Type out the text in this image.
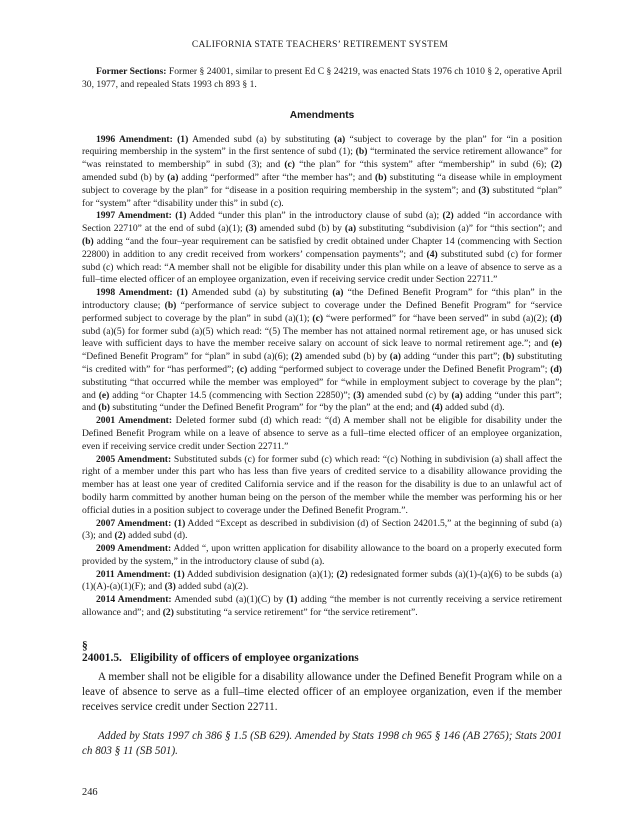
CALIFORNIA STATE TEACHERS’ RETIREMENT SYSTEM

Former Sections: Former § 24001, similar to present Ed C § 24219, was enacted Stats 1976 ch 1010 § 2, operative April 30, 1977, and repealed Stats 1993 ch 893 § 1.

Amendments

1996 Amendment: (1) Amended subd (a) by substituting (a) “subject to coverage by the plan” for “in a position requiring membership in the system” in the first sentence of subd (1); (b) “terminated the service retirement allowance” for “was reinstated to membership” in subd (3); and (c) “the plan” for “this system” after “membership” in subd (6); (2) amended subd (b) by (a) adding “performed” after “the member has”; and (b) substituting “a disease while in employment subject to coverage by the plan” for “disease in a position requiring membership in the system”; and (3) substituted “plan” for “system” after “disability under this” in subd (c).

1997 Amendment: (1) Added “under this plan” in the introductory clause of subd (a); (2) added “in accordance with Section 22710” at the end of subd (a)(1); (3) amended subd (b) by (a) substituting “subdivision (a)” for “this section”; and (b) adding “and the four–year requirement can be satisfied by credit obtained under Chapter 14 (commencing with Section 22800) in addition to any credit received from workers’ compensation payments”; and (4) substituted subd (c) for former subd (c) which read: “A member shall not be eligible for disability under this plan while on a leave of absence to serve as a full–time elected officer of an employee organization, even if receiving service credit under Section 22711.”

1998 Amendment: (1) Amended subd (a) by substituting (a) “the Defined Benefit Program” for “this plan” in the introductory clause; (b) “performance of service subject to coverage under the Defined Benefit Program” for “service performed subject to coverage by the plan” in subd (a)(1); (c) “were performed” for “have been served” in subd (a)(2); (d) subd (a)(5) for former subd (a)(5) which read: “(5) The member has not attained normal retirement age, or has unused sick leave with sufficient days to have the member receive salary on account of sick leave to normal retirement age.”; and (e) “Defined Benefit Program” for “plan” in subd (a)(6); (2) amended subd (b) by (a) adding “under this part”; (b) substituting “is credited with” for “has performed”; (c) adding “performed subject to coverage under the Defined Benefit Program”; (d) substituting “that occurred while the member was employed” for “while in employment subject to coverage by the plan”; and (e) adding “or Chapter 14.5 (commencing with Section 22850)”; (3) amended subd (c) by (a) adding “under this part”; and (b) substituting “under the Defined Benefit Program” for “by the plan” at the end; and (4) added subd (d).

2001 Amendment: Deleted former subd (d) which read: “(d) A member shall not be eligible for disability under the Defined Benefit Program while on a leave of absence to serve as a full–time elected officer of an employee organization, even if receiving service credit under Section 22711.”

2005 Amendment: Substituted subds (c) for former subd (c) which read: “(c) Nothing in subdivision (a) shall affect the right of a member under this part who has less than five years of credited service to a disability allowance providing the member has at least one year of credited California service and if the reason for the disability is due to an unlawful act of bodily harm committed by another human being on the person of the member while the member was performing his or her official duties in a position subject to coverage under the Defined Benefit Program.”.

2007 Amendment: (1) Added “Except as described in subdivision (d) of Section 24201.5,” at the beginning of subd (a)(3); and (2) added subd (d).

2009 Amendment: Added “, upon written application for disability allowance to the board on a properly executed form provided by the system,” in the introductory clause of subd (a).

2011 Amendment: (1) Added subdivision designation (a)(1); (2) redesignated former subds (a)(1)-(a)(6) to be subds (a)(1)(A)-(a)(1)(F); and (3) added subd (a)(2).

2014 Amendment: Amended subd (a)(1)(C) by (1) adding “the member is not currently receiving a service retirement allowance and”; and (2) substituting “a service retirement” for “the service retirement”.

§ 24001.5. Eligibility of officers of employee organizations

A member shall not be eligible for a disability allowance under the Defined Benefit Program while on a leave of absence to serve as a full–time elected officer of an employee organization, even if the member receives service credit under Section 22711.

Added by Stats 1997 ch 386 § 1.5 (SB 629). Amended by Stats 1998 ch 965 § 146 (AB 2765); Stats 2001 ch 803 § 11 (SB 501).

246
